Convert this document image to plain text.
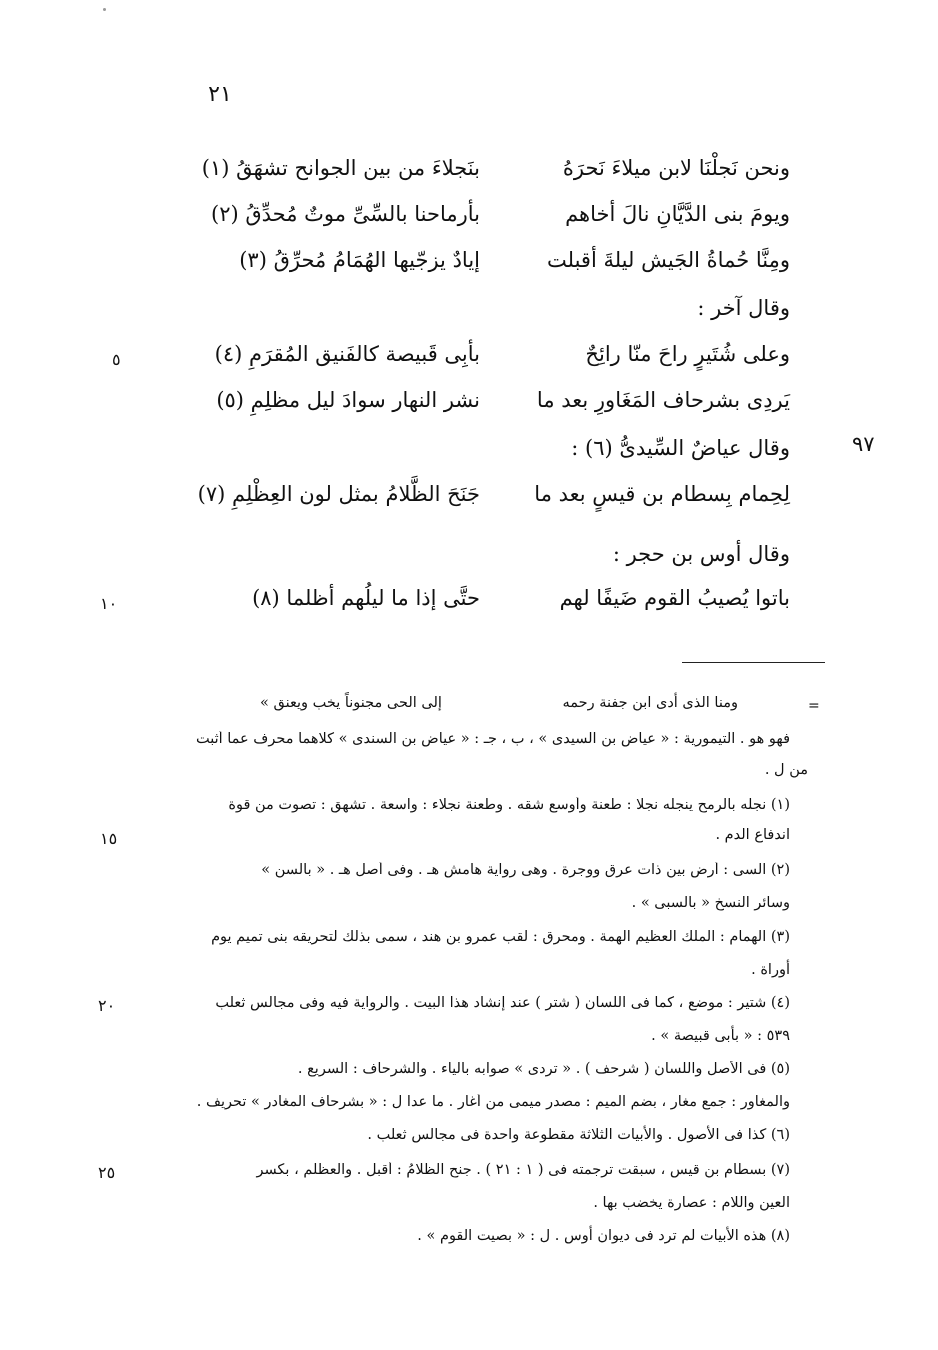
٢١
ونحن نَجلْنَا لابن ميلاءَ نَحرَهُ
بنَجلاءَ من بين الجوانح تشهَقُ (١)
ويومَ بنى الدَّيَّانِ نالَ أخاهم
بأرماحنا بالسِّىِّ موتٌ مُحدِّقُ (٢)
ومِنَّا حُماةُ الجَيش ليلةَ أقبلت
إيادٌ يزجّيها الهُمَامُ مُحرِّقُ (٣)
وقال آخر :
وعلى شُتَيرٍ راحَ منّا رائِحٌ
بأبِى قَبيصة كالفَنيق المُقرَمِ (٤)
٥
يَردِى بشرحاف المَغَاورِ بعد ما
نشر النهار سوادَ ليل مظلِمِ (٥)
وقال عياضٌ السِّيدىُّ (٦) :	٩٧
لِحِمام بِسطام بن قيسٍ بعد ما
جَنَحَ الظَّلامُ بمثل لون العِظْلِمِ (٧)
وقال أوس بن حجر :
باتوا يُصيبُ القوم ضَيفًا لهم
حتَّى إذا ما ليلُهم أظلما (٨)
١٠
=
ومنا الذى أدى ابن جفنة رحمه
إلى الحى مجنوناً يخب ويعنق »
فهو هو . التيمورية : « عياض بن السيدى » ، ب ، جـ : « عياض بن السندى » كلاهما محرف عما أثبت
من ل .
(١) نجله بالرمح ينجله نجلا : طعنة وأوسع شقه . وطعنة نجلاء : واسعة . تشهق : تصوت من قوة
اندفاع الدم .
١٥
(٢) السى : أرض بين ذات عرق ووجرة . وهى رواية هامش هـ . وفى أصل هـ . « بالسن »
وسائر النسخ « بالسبى » .
(٣) الهمام : الملك العظيم الهمة . ومحرق : لقب عمرو بن هند ، سمى بذلك لتحريقه بنى تميم يوم
أوراة .
(٤) شتير : موضع ، كما فى اللسان ( شتر ) عند إنشاد هذا البيت . والرواية فيه وفى مجالس ثعلب
٢٠
٥٣٩ : « بأبى قبيصة » .
(٥) فى الأصل واللسان ( شرحف ) . « تردى » صوابه بالياء . والشرحاف : السريع .
والمغاور : جمع مغار ، بضم الميم : مصدر ميمى من أغار . ما عدا ل : « بشرحاف المغادر » تحريف .
(٦) كذا فى الأصول . والأبيات الثلاثة مقطوعة واحدة فى مجالس ثعلب .
(٧) بسطام بن قيس ، سبقت ترجمته فى ( ١ : ٢١ ) . جنح الظلامُ : أقبل . والعظلم ، بكسر
٢٥
العين واللام : عصارة يخضب بها .
(٨) هذه الأبيات لم ترد فى ديوان أوس . ل : « بصيت القوم » .
